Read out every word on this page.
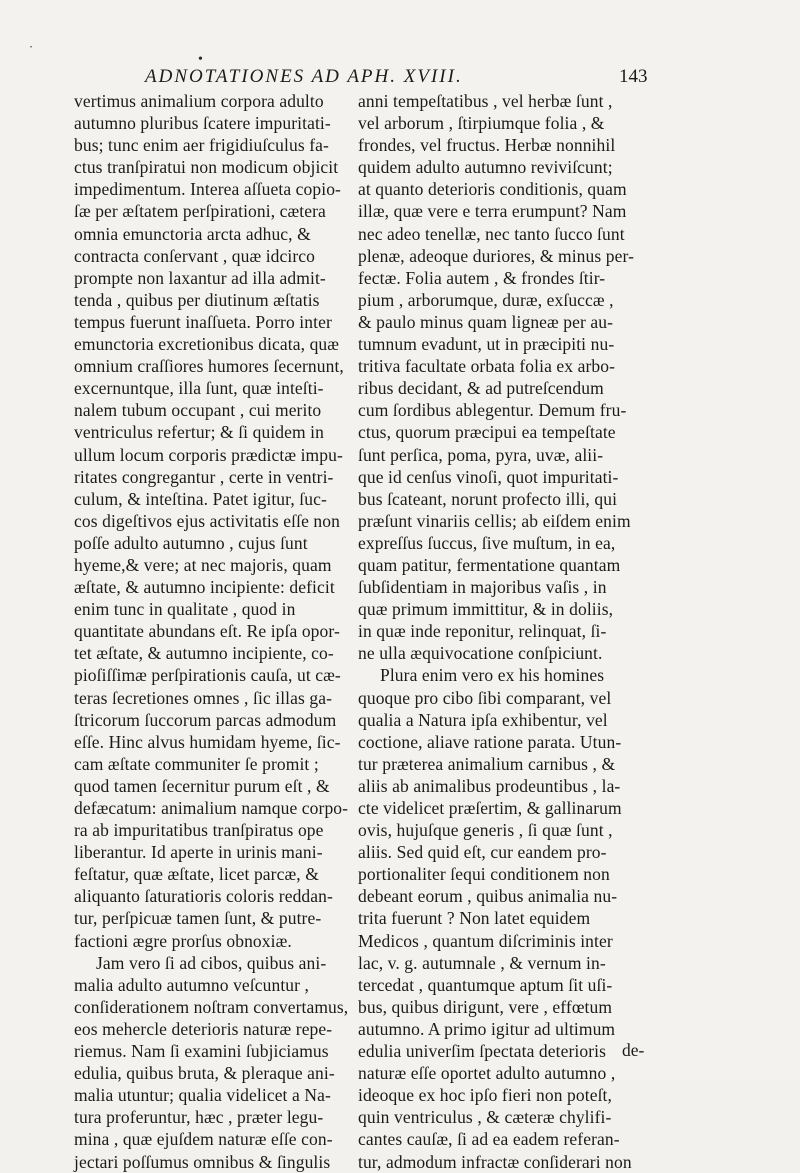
•
•
ADNOTATIONES AD APH. XVIII.	143
vertimus animalium corpora adulto
autumno pluribus ſcatere impuritati-
bus; tunc enim aer frigidiuſculus fa-
ctus tranſpiratui non modicum objicit
impedimentum. Interea aſſueta copio-
ſæ per æſtatem perſpirationi, cætera
omnia emunctoria arcta adhuc, &
contracta conſervant , quæ idcirco
prompte non laxantur ad illa admit-
tenda , quibus per diutinum æſtatis
tempus fuerunt inaſſueta. Porro inter
emunctoria excretionibus dicata, quæ
omnium craſſiores humores ſecernunt,
excernuntque, illa ſunt, quæ inteſti-
nalem tubum occupant , cui merito
ventriculus refertur; & ſi quidem in
ullum locum corporis prædictæ impu-
ritates congregantur , certe in ventri-
culum, & inteſtina. Patet igitur, ſuc-
cos digeſtivos ejus activitatis eſſe non
poſſe adulto autumno , cujus ſunt
hyeme,& vere; at nec majoris, quam
æſtate, & autumno incipiente: deficit
enim tunc in qualitate , quod in
quantitate abundans eſt. Re ipſa opor-
tet æſtate, & autumno incipiente, co-
pioſiſſimæ perſpirationis cauſa, ut cæ-
teras ſecretiones omnes , ſic illas ga-
ſtricorum ſuccorum parcas admodum
eſſe. Hinc alvus humidam hyeme, ſic-
cam æſtate communiter ſe promit ;
quod tamen ſecernitur purum eſt , &
defæcatum: animalium namque corpo-
ra ab impuritatibus tranſpiratus ope
liberantur. Id aperte in urinis mani-
feſtatur, quæ æſtate, licet parcæ, &
aliquanto ſaturatioris coloris reddan-
tur, perſpicuæ tamen ſunt, & putre-
factioni ægre prorſus obnoxiæ.
Jam vero ſi ad cibos, quibus ani-
malia adulto autumno veſcuntur ,
conſiderationem noſtram convertamus,
eos mehercle deterioris naturæ repe-
riemus. Nam ſi examini ſubjiciamus
edulia, quibus bruta, & pleraque ani-
malia utuntur; qualia videlicet a Na-
tura proferuntur, hæc , præter legu-
mina , quæ ejuſdem naturæ eſſe con-
jectari poſſumus omnibus & ſingulis
anni tempeſtatibus , vel herbæ ſunt ,
vel arborum , ſtirpiumque folia , &
frondes, vel fructus. Herbæ nonnihil
quidem adulto autumno reviviſcunt;
at quanto deterioris conditionis, quam
illæ, quæ vere e terra erumpunt? Nam
nec adeo tenellæ, nec tanto ſucco ſunt
plenæ, adeoque duriores, & minus per-
fectæ. Folia autem , & frondes ſtir-
pium , arborumque, duræ, exſuccæ ,
& paulo minus quam ligneæ per au-
tumnum evadunt, ut in præcipiti nu-
tritiva facultate orbata folia ex arbo-
ribus decidant, & ad putreſcendum
cum ſordibus ablegentur. Demum fru-
ctus, quorum præcipui ea tempeſtate
ſunt perſica, poma, pyra, uvæ, alii-
que id cenſus vinoſi, quot impuritati-
bus ſcateant, norunt profecto illi, qui
præſunt vinariis cellis; ab eiſdem enim
expreſſus ſuccus, ſive muſtum, in ea,
quam patitur, fermentatione quantam
ſubſidentiam in majoribus vaſis , in
quæ primum immittitur, & in doliis,
in quæ inde reponitur, relinquat, ſi-
ne ulla æquivocatione conſpiciunt.
Plura enim vero ex his homines
quoque pro cibo ſibi comparant, vel
qualia a Natura ipſa exhibentur, vel
coctione, aliave ratione parata. Utun-
tur præterea animalium carnibus , &
aliis ab animalibus prodeuntibus , la-
cte videlicet præſertim, & gallinarum
ovis, hujuſque generis , ſi quæ ſunt ,
aliis. Sed quid eſt, cur eandem pro-
portionaliter ſequi conditionem non
debeant eorum , quibus animalia nu-
trita fuerunt ? Non latet equidem
Medicos , quantum diſcriminis inter
lac, v. g. autumnale , & vernum in-
tercedat , quantumque aptum ſit uſi-
bus, quibus dirigunt, vere , effœtum
autumno. A primo igitur ad ultimum
edulia univerſim ſpectata deterioris
naturæ eſſe oportet adulto autumno ,
ideoque ex hoc ipſo fieri non poteſt,
quin ventriculus , & cæteræ chylifi-
cantes cauſæ, ſi ad ea eadem referan-
tur, admodum infractæ conſiderari non
de-
